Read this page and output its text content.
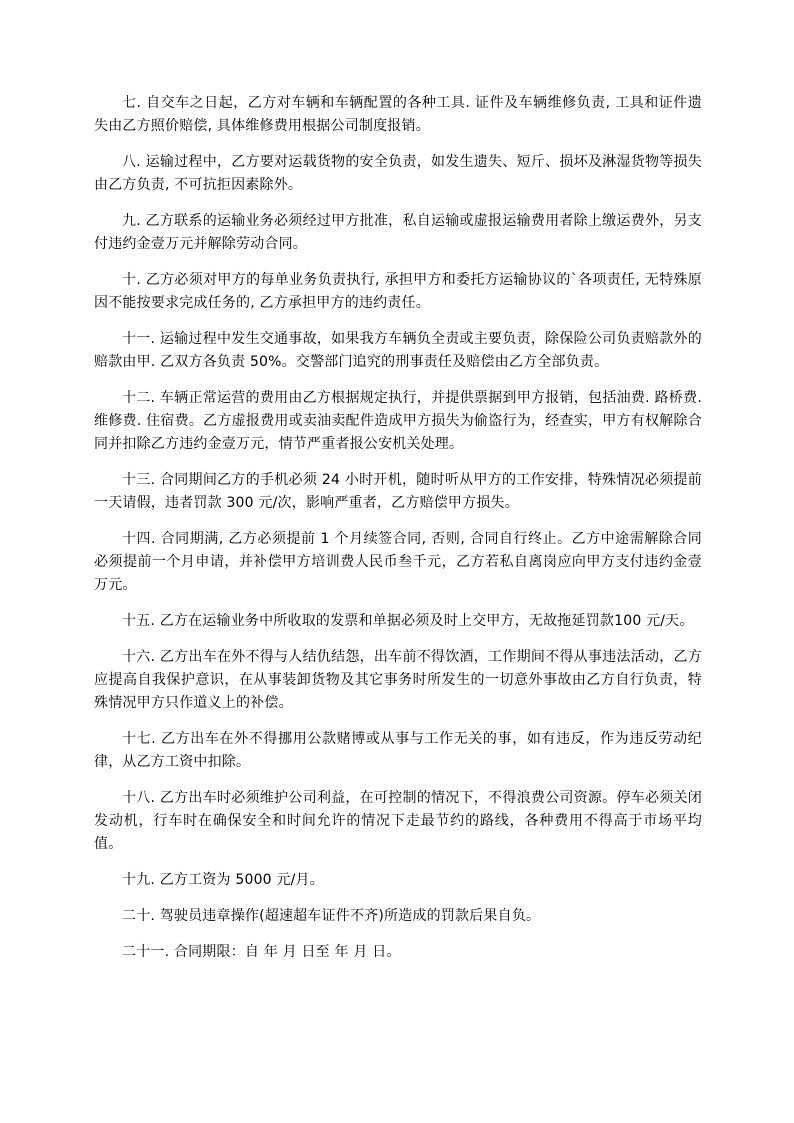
七. 自交车之日起，乙方对车辆和车辆配置的各种工具. 证件及车辆维修负责, 工具和证件遗失由乙方照价赔偿, 具体维修费用根据公司制度报销。

八. 运输过程中，乙方要对运载货物的安全负责，如发生遗失、短斤、损坏及淋湿货物等损失由乙方负责, 不可抗拒因素除外。

九. 乙方联系的运输业务必须经过甲方批准，私自运输或虚报运输费用者除上缴运费外，另支付违约金壹万元并解除劳动合同。

十. 乙方必须对甲方的每单业务负责执行, 承担甲方和委托方运输协议的`各项责任, 无特殊原因不能按要求完成任务的, 乙方承担甲方的违约责任。

十一. 运输过程中发生交通事故，如果我方车辆负全责或主要负责，除保险公司负责赔款外的赔款由甲. 乙双方各负责 50%。交警部门追究的刑事责任及赔偿由乙方全部负责。

十二. 车辆正常运营的费用由乙方根据规定执行，并提供票据到甲方报销，包括油费. 路桥费. 维修费. 住宿费。乙方虚报费用或卖油卖配件造成甲方损失为偷盗行为，经查实，甲方有权解除合同并扣除乙方违约金壹万元，情节严重者报公安机关处理。

十三. 合同期间乙方的手机必须 24 小时开机，随时听从甲方的工作安排，特殊情况必须提前一天请假，违者罚款 300 元/次，影响严重者，乙方赔偿甲方损失。

十四. 合同期满, 乙方必须提前 1 个月续签合同, 否则, 合同自行终止。乙方中途需解除合同必须提前一个月申请，并补偿甲方培训费人民币叁千元，乙方若私自离岗应向甲方支付违约金壹万元。

十五. 乙方在运输业务中所收取的发票和单据必须及时上交甲方，无故拖延罚款100 元/天。

十六. 乙方出车在外不得与人结仇结怨，出车前不得饮酒，工作期间不得从事违法活动，乙方应提高自我保护意识，在从事装卸货物及其它事务时所发生的一切意外事故由乙方自行负责，特殊情况甲方只作道义上的补偿。

十七. 乙方出车在外不得挪用公款赌博或从事与工作无关的事，如有违反，作为违反劳动纪律，从乙方工资中扣除。

十八. 乙方出车时必须维护公司利益，在可控制的情况下，不得浪费公司资源。停车必须关闭发动机，行车时在确保安全和时间允许的情况下走最节约的路线，各种费用不得高于市场平均值。

十九. 乙方工资为 5000 元/月。

二十. 驾驶员违章操作(超速超车证件不齐)所造成的罚款后果自负。

二十一. 合同期限：自 年 月 日至 年 月 日。
